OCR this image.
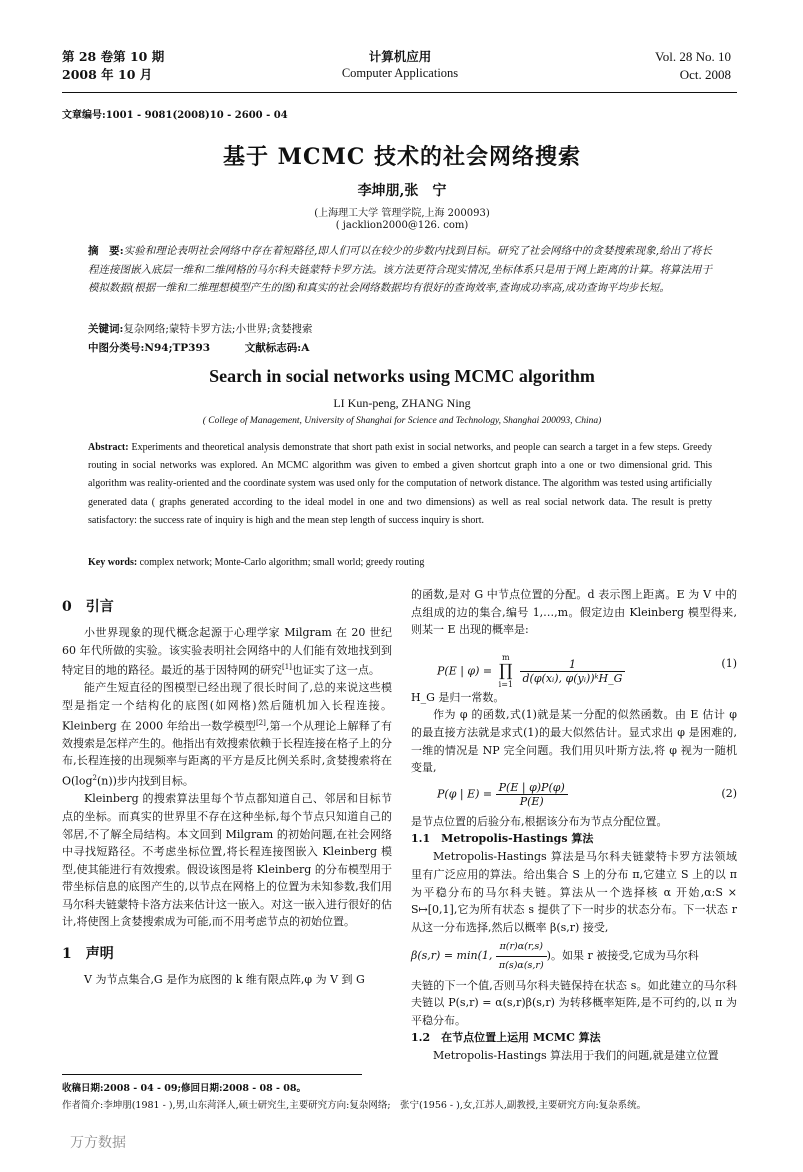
第 28 卷第 10 期
2008 年 10 月
计算机应用
Computer Applications
Vol. 28 No. 10
Oct. 2008
文章编号:1001 - 9081(2008)10 - 2600 - 04
基于 MCMC 技术的社会网络搜索
李坤朋,张　宁
(上海理工大学 管理学院,上海 200093)
( jacklion2000@126. com)
摘　要:实验和理论表明社会网络中存在着短路径,即人们可以在较少的步数内找到目标。研究了社会网络中的贪婪搜索现象,给出了将长程连接图嵌入底层一维和二维网格的马尔科夫链蒙特卡罗方法。该方法更符合现实情况,坐标体系只是用于网上距离的计算。将算法用于模拟数据(根据一维和二维理想模型产生的图)和真实的社会网络数据均有很好的查询效率,查询成功率高,成功查询平均步长短。
关键词:复杂网络;蒙特卡罗方法;小世界;贪婪搜索
中图分类号:N94;TP393	文献标志码:A
Search in social networks using MCMC algorithm
LI Kun-peng, ZHANG Ning
( College of Management, University of Shanghai for Science and Technology, Shanghai 200093, China)
Abstract: Experiments and theoretical analysis demonstrate that short path exist in social networks, and people can search a target in a few steps. Greedy routing in social networks was explored. An MCMC algorithm was given to embed a given shortcut graph into a one or two dimensional grid. This algorithm was reality-oriented and the coordinate system was used only for the computation of network distance. The algorithm was tested using artificially generated data ( graphs generated according to the ideal model in one and two dimensions) as well as real social network data. The result is pretty satisfactory: the success rate of inquiry is high and the mean step length of success inquiry is short.
Key words: complex network; Monte-Carlo algorithm; small world; greedy routing
0　引言
小世界现象的现代概念起源于心理学家 Milgram 在 20 世纪 60 年代所做的实验。该实验表明社会网络中的人们能有效地找到到特定目的地的路径。最近的基于因特网的研究[1]也证实了这一点。
能产生短直径的图模型已经出现了很长时间了,总的来说这些模型是指定一个结构化的底图(如网格)然后随机加入长程连接。Kleinberg 在 2000 年给出一数学模型[2],第一个从理论上解释了有效搜索是怎样产生的。他指出有效搜索依赖于长程连接在格子上的分布,长程连接的出现频率与距离的平方是反比例关系时,贪婪搜索将在 $O(\log^2(n))$步内找到目标。
Kleinberg 的搜索算法里每个节点都知道自己、邻居和目标节点的坐标。而真实的世界里不存在这种坐标,每个节点只知道自己的邻居,不了解全局结构。本文回到 Milgram 的初始问题,在社会网络中寻找短路径。不考虑坐标位置,将长程连接图嵌入 Kleinberg 模型,使其能进行有效搜索。假设该图是将 Kleinberg 的分布模型用于带坐标信息的底图产生的,以节点在网格上的位置为未知参数,我们用马尔科夫链蒙特卡洛方法来估计这一嵌入。对这一嵌入进行很好的估计,将使图上贪婪搜索成为可能,而不用考虑节点的初始位置。
1　声明
V 为节点集合,G 是作为底图的 k 维有限点阵,φ 为 V 到 G
的函数,是对 G 中节点位置的分配。d 表示图上距离。E 为 V 中的点组成的边的集合,编号 1,…,m。假定边由 Kleinberg 模型得来,则某一 E 出现的概率是:
P(E | φ) =
m
∏
i=1
$\frac{1}{\text{d(φ(xᵢ), φ(yᵢ))ᵏH\_G}}$	(1)
H_G 是归一常数。
作为 φ 的函数,式(1)就是某一分配的似然函数。由 E 估计 φ 的最直接方法就是求式(1)的最大似然估计。显式求出 φ 是困难的,一维的情况是 NP 完全问题。我们用贝叶斯方法,将 φ 视为一随机变量,
P(φ | $E) = \frac{P(E | \varphi)P(\varphi)}{P(E)}$	(2)
是节点位置的后验分布,根据该分布为节点分配位置。
1.1　Metropolis-Hastings 算法
Metropolis-Hastings 算法是马尔科夫链蒙特卡罗方法领域里有广泛应用的算法。给出集合 S 上的分布 π,它建立 S 上的以 π 为平稳分布的马尔科夫链。算法从一个选择核 α 开始,α:S × S↦[0,1],它为所有状态 s 提供了下一时步的状态分布。下一状态 r 从这一分布选择,然后以概率 β(s,r) 接受,
β(s,r) = min(1, $\frac{\pi(r)\alpha(r,s)}{\pi(s)\alpha(s,r)}$ )。如果 r 被接受,它成为马尔科
夫链的下一个值,否则马尔科夫链保持在状态 s。如此建立的马尔科夫链以 P(s,r) = α(s,r)β(s,r) 为转移概率矩阵,是不可约的,以 π 为平稳分布。
1.2　在节点位置上运用 MCMC 算法
Metropolis-Hastings 算法用于我们的问题,就是建立位置
收稿日期:2008 - 04 - 09;修回日期:2008 - 08 - 08。
作者简介:李坤朋(1981 - ),男,山东菏泽人,硕士研究生,主要研究方向:复杂网络;　张宁(1956 - ),女,江苏人,副教授,主要研究方向:复杂系统。
万方数据
